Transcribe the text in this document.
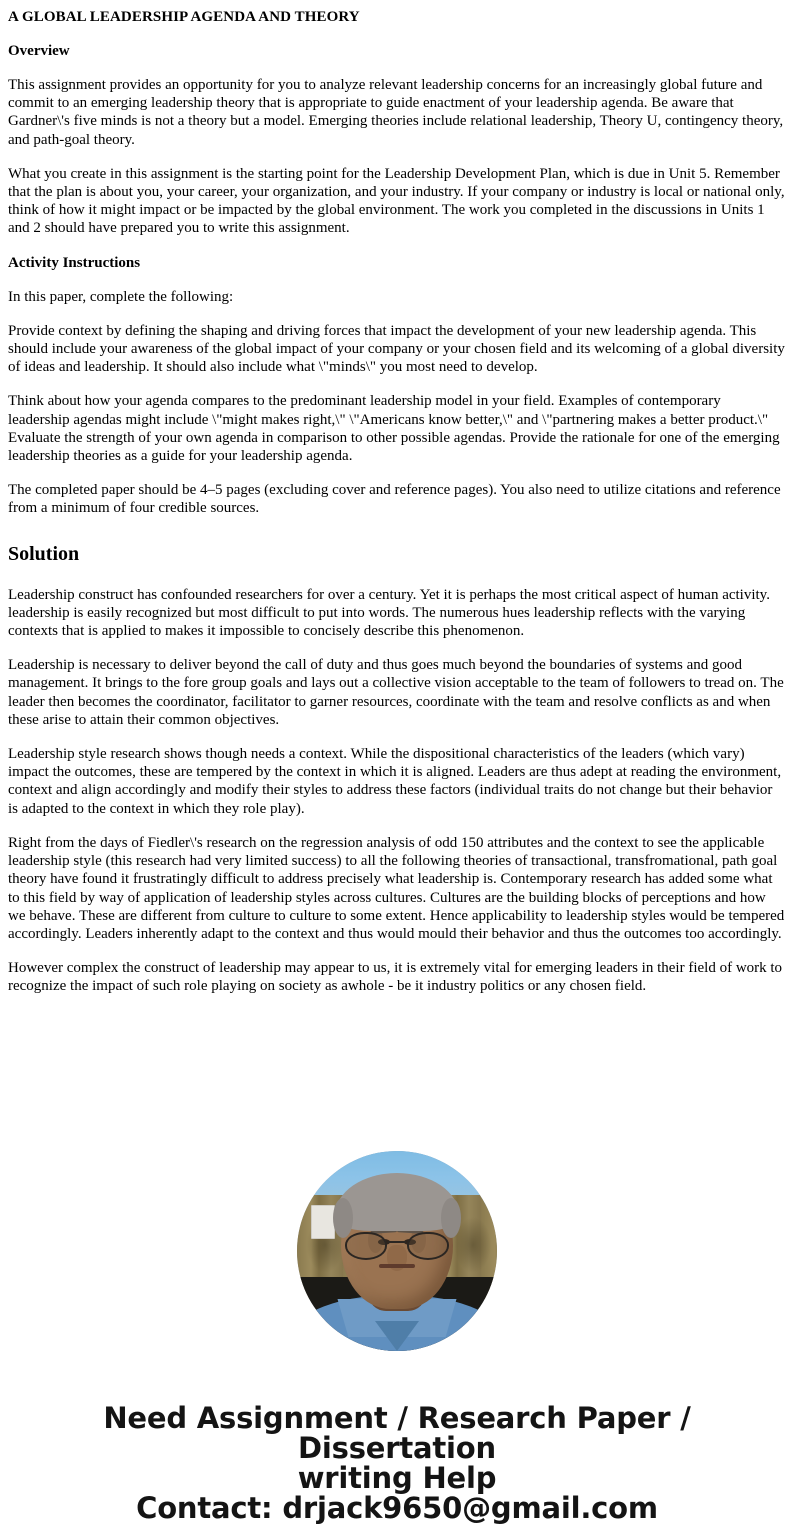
A GLOBAL LEADERSHIP AGENDA AND THEORY
Overview

This assignment provides an opportunity for you to analyze relevant leadership concerns for an increasingly global future and commit to an emerging leadership theory that is appropriate to guide enactment of your leadership agenda. Be aware that Gardner\'s five minds is not a theory but a model. Emerging theories include relational leadership, Theory U, contingency theory, and path-goal theory.

What you create in this assignment is the starting point for the Leadership Development Plan, which is due in Unit 5. Remember that the plan is about you, your career, your organization, and your industry. If your company or industry is local or national only, think of how it might impact or be impacted by the global environment. The work you completed in the discussions in Units 1 and 2 should have prepared you to write this assignment.

Activity Instructions

In this paper, complete the following:

Provide context by defining the shaping and driving forces that impact the development of your new leadership agenda. This should include your awareness of the global impact of your company or your chosen field and its welcoming of a global diversity of ideas and leadership. It should also include what \"minds\" you most need to develop.

Think about how your agenda compares to the predominant leadership model in your field. Examples of contemporary leadership agendas might include \"might makes right,\" \"Americans know better,\" and \"partnering makes a better product.\" Evaluate the strength of your own agenda in comparison to other possible agendas. Provide the rationale for one of the emerging leadership theories as a guide for your leadership agenda.

The completed paper should be 4–5 pages (excluding cover and reference pages). You also need to utilize citations and reference from a minimum of four credible sources.

Solution

Leadership construct has confounded researchers for over a century. Yet it is perhaps the most critical aspect of human activity. leadership is easily recognized but most difficult to put into words. The numerous hues leadership reflects with the varying contexts that is applied to makes it impossible to concisely describe this phenomenon.

Leadership is necessary to deliver beyond the call of duty and thus goes much beyond the boundaries of systems and good management. It brings to the fore group goals and lays out a collective vision acceptable to the team of followers to tread on. The leader then becomes the coordinator, facilitator to garner resources, coordinate with the team and resolve conflicts as and when these arise to attain their common objectives.

Leadership style research shows though needs a context. While the dispositional characteristics of the leaders (which vary) impact the outcomes, these are tempered by the context in which it is aligned. Leaders are thus adept at reading the environment, context and align accordingly and modify their styles to address these factors (individual traits do not change but their behavior is adapted to the context in which they role play).

Right from the days of Fiedler\'s research on the regression analysis of odd 150 attributes and the context to see the applicable leadership style (this research had very limited success) to all the following theories of transactional, transfromational, path goal theory have found it frustratingly difficult to address precisely what leadership is. Contemporary research has added some what to this field by way of application of leadership styles across cultures. Cultures are the building blocks of perceptions and how we behave. These are different from culture to culture to some extent. Hence applicability to leadership styles would be tempered accordingly. Leaders inherently adapt to the context and thus would mould their behavior and thus the outcomes too accordingly.

However complex the construct of leadership may appear to us, it is extremely vital for emerging leaders in their field of work to recognize the impact of such role playing on society as awhole - be it industry politics or any chosen field.

Need Assignment / Research Paper / Dissertation
writing Help
Contact: drjack9650@gmail.com
